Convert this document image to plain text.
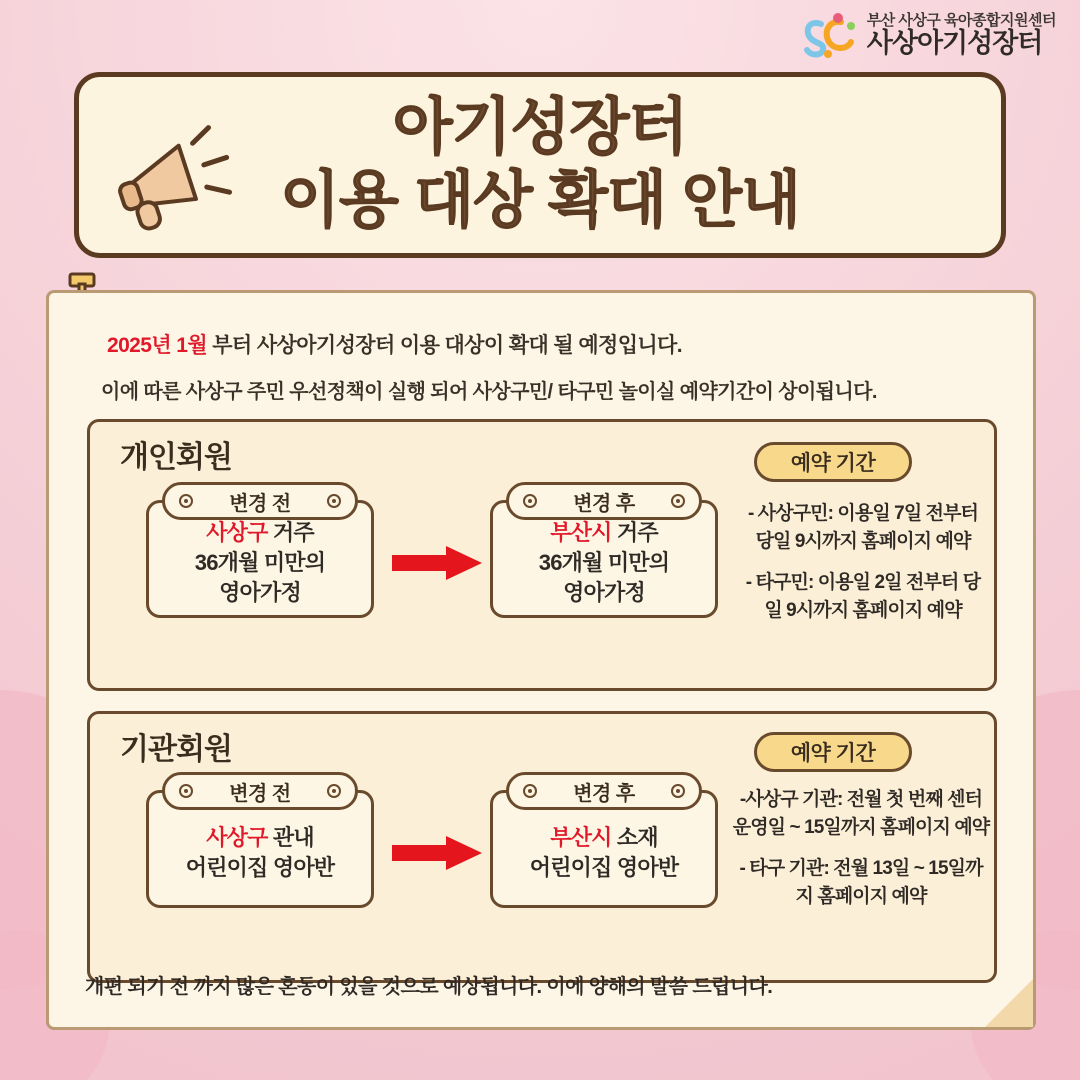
부산 사상구 육아종합지원센터
사상아기성장터
아기성장터
이용 대상 확대 안내
2025년 1월 부터 사상아기성장터 이용 대상이 확대 될 예정입니다.
이에 따른 사상구 주민 우선정책이 실행 되어 사상구민/ 타구민 놀이실 예약기간이 상이됩니다.
개인회원
변경 전
사상구 거주
36개월 미만의
영아가정
변경 후
부산시 거주
36개월 미만의
영아가정
예약 기간

- 사상구민: 이용일 7일 전부터 당일 9시까지 홈페이지 예약

- 타구민: 이용일 2일 전부터 당일 9시까지 홈페이지 예약

기관회원
변경 전
사상구 관내
어린이집 영아반
변경 후
부산시 소재
어린이집 영아반
예약 기간

-사상구 기관: 전월 첫 번째 센터 운영일 ~ 15일까지 홈페이지 예약

- 타구 기관: 전월 13일 ~ 15일까지 홈페이지 예약

개편 되기 전 까지 많은 혼동이 있을 것으로 예상됩니다. 이에 양해의 말씀 드립니다.
